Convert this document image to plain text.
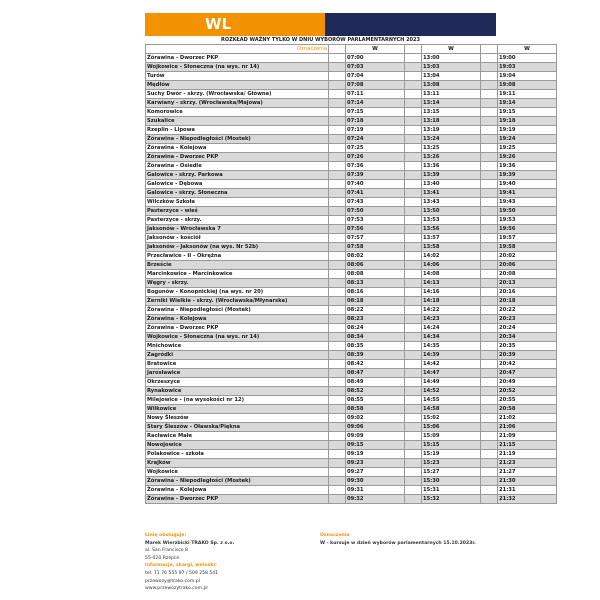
WL
ROZKŁAD WAŻNY TYLKO W DNIU WYBORÓW PARLAMENTARNYCH 2023
Oznaczenia		W		W		W
Żórawina - Dworzec PKP		07:00		13:00		19:00
Wojkowice - Słoneczna (na wys. nr 14)		07:03		13:03		19:03
Turów		07:04		13:04		19:04
Mędłów		07:08		13:08		19:08
Suchy Dwór - skrzy. (Wrocławska/ Główna)		07:11		13:11		19:11
Karwiany - skrzy. (Wrocławska/Majowa)		07:14		13:14		19:14
Komorowice		07:15		13:15		19:15
Szukalice		07:18		13:18		19:18
Rzeplin - Lipowa		07:19		13:19		19:19
Żórawina - Niepodległości (Mostek)		07:24		13:24		19:24
Żórawina - Kolejowa		07:25		13:25		19:25
Żórawina - Dworzec PKP		07:26		13:26		19:26
Żórawina - Osiedle		07:36		13:36		19:36
Galowice - skrzy. Parkowa		07:39		13:39		19:39
Galowice - Dębowa		07:40		13:40		19:40
Galowice - skrzy. Słoneczna		07:41		13:41		19:41
Wilczków Szkoła		07:43		13:43		19:43
Pasterzyce - wieś		07:50		13:50		19:50
Pasterzyce - skrzy.		07:53		13:53		19:53
Jaksonów - Wrocławska 7		07:56		13:56		19:56
Jaksonów - kościół		07:57		13:57		19:57
Jaksonów - Jaksonów (na wys. Nr 52b)		07:58		13:58		19:58
Przecławice - II - Okrężna		08:02		14:02		20:02
Brzeście		08:06		14:06		20:06
Marcinkowice - Marcinkowice		08:08		14:08		20:08
Węgry - skrzy.		08:13		14:13		20:13
Bogunów - Konopnickiej (na wys. nr 20)		08:16		14:16		20:16
Żerniki Wielkie - skrzy. (Wrocławska/Młynarska)		08:18		14:18		20:18
Żórawina - Niepodległości (Mostek)		08:22		14:22		20:22
Żórawina - Kolejowa		08:23		14:23		20:23
Żórawina - Dworzec PKP		08:24		14:24		20:24
Wojkowice - Słoneczna (na wys. nr 14)		08:34		14:34		20:34
Mnichowice		08:35		14:35		20:35
Zagródki		08:39		14:39		20:39
Bratowice		08:42		14:42		20:42
Jarosławice		08:47		14:47		20:47
Okrzeszyce		08:49		14:49		20:49
Rynakowice		08:52		14:52		20:52
Milejowice - (na wysokości nr 12)		08:55		14:55		20:55
Wilkowice		08:58		14:58		20:58
Nowy Śleszów		09:02		15:02		21:02
Stary Śleszów - Oławska/Piękna		09:06		15:06		21:06
Racławice Małe		09:09		15:09		21:09
Nowojowice		09:15		15:15		21:15
Polakowice - szkoła		09:19		15:19		21:19
Krajków		09:23		15:23		21:23
Wojkowice		09:27		15:27		21:27
Żórawina - Niepodległości (Mostek)		09:30		15:30		21:30
Żórawina - Kolejowa		09:31		15:31		21:31
Żórawina - Dworzec PKP		09:32		15:32		21:32
Linię obsługuje:
Marek Wierzbicki TRAKO Sp. z o.o.
al. San Francisco 8
55-020 Rzeplin
Informacje, skargi, wnioski:
tel. 71 76 555 97 / 509 258 541
przewozy@trako.com.pl
www.przewozytrako.com.pl
Oznaczenia
W - kursuje w dzień wyborów parlamentarnych 15.10.2023r.
